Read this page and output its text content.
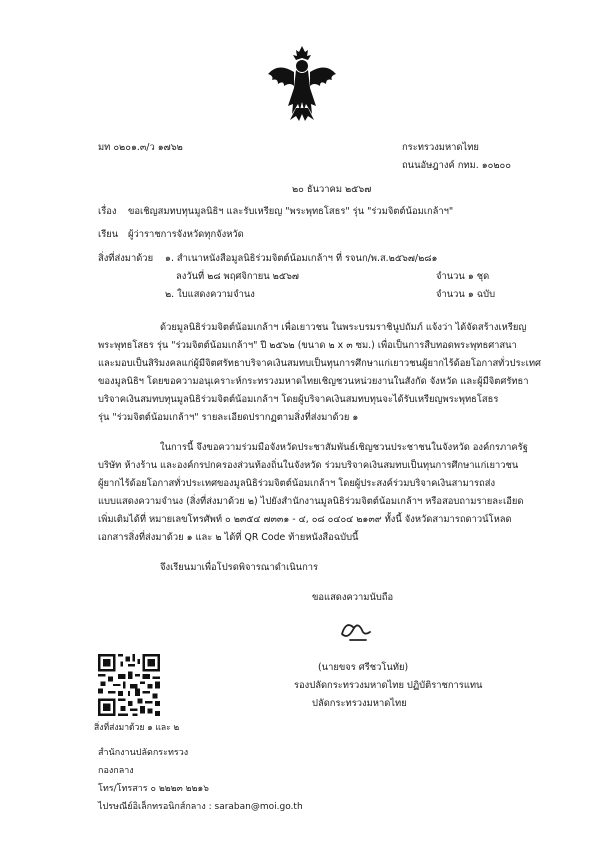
มท ๐๒๐๑.๓/ว ๑๗๖๒	กระทรวงมหาดไทย
ถนนอัษฎางค์ กทม. ๑๐๒๐๐
๒๐ ธันวาคม ๒๕๖๗
เรื่อง ขอเชิญสมทบทุนมูลนิธิฯ และรับเหรียญ "พระพุทธโสธร" รุ่น "ร่วมจิตต์น้อมเกล้าฯ"
เรียน ผู้ว่าราชการจังหวัดทุกจังหวัด
สิ่งที่ส่งมาด้วย ๑. สำเนาหนังสือมูลนิธิร่วมจิตต์น้อมเกล้าฯ ที่ รจนก/พ.ส.๒๕๖๗/๒๘๑
ลงวันที่ ๒๘ พฤศจิกายน ๒๕๖๗	จำนวน ๑ ชุด
๒. ใบแสดงความจำนง	จำนวน ๑ ฉบับ
ด้วยมูลนิธิร่วมจิตต์น้อมเกล้าฯ เพื่อเยาวชน ในพระบรมราชินูปถัมภ์ แจ้งว่า ได้จัดสร้างเหรียญ
พระพุทธโสธร รุ่น "ร่วมจิตต์น้อมเกล้าฯ" ปี ๒๕๖๒ (ขนาด ๒ x ๓ ซม.) เพื่อเป็นการสืบทอดพระพุทธศาสนา
และมอบเป็นสิริมงคลแก่ผู้มีจิตศรัทธาบริจาคเงินสมทบเป็นทุนการศึกษาแก่เยาวชนผู้ยากไร้ด้อยโอกาสทั่วประเทศ
ของมูลนิธิฯ โดยขอความอนุเคราะห์กระทรวงมหาดไทยเชิญชวนหน่วยงานในสังกัด จังหวัด และผู้มีจิตศรัทธา
บริจาคเงินสมทบทุนมูลนิธิร่วมจิตต์น้อมเกล้าฯ โดยผู้บริจาคเงินสมทบทุนจะได้รับเหรียญพระพุทธโสธร
รุ่น "ร่วมจิตต์น้อมเกล้าฯ" รายละเอียดปรากฏตามสิ่งที่ส่งมาด้วย ๑
ในการนี้ จึงขอความร่วมมือจังหวัดประชาสัมพันธ์เชิญชวนประชาชนในจังหวัด องค์กรภาครัฐ
บริษัท ห้างร้าน และองค์กรปกครองส่วนท้องถิ่นในจังหวัด ร่วมบริจาคเงินสมทบเป็นทุนการศึกษาแก่เยาวชน
ผู้ยากไร้ด้อยโอกาสทั่วประเทศของมูลนิธิร่วมจิตต์น้อมเกล้าฯ โดยผู้ประสงค์ร่วมบริจาคเงินสามารถส่ง
แบบแสดงความจำนง (สิ่งที่ส่งมาด้วย ๒) ไปยังสำนักงานมูลนิธิร่วมจิตต์น้อมเกล้าฯ หรือสอบถามรายละเอียด
เพิ่มเติมได้ที่ หมายเลขโทรศัพท์ ๐ ๒๓๕๔ ๗๓๓๑ - ๔, ๐๘ ๐๔๐๔ ๒๑๓๙ ทั้งนี้ จังหวัดสามารถดาวน์โหลด
เอกสารสิ่งที่ส่งมาด้วย ๑ และ ๒ ได้ที่ QR Code ท้ายหนังสือฉบับนี้
จึงเรียนมาเพื่อโปรดพิจารณาดำเนินการ
ขอแสดงความนับถือ
(นายขจร ศรีชวโนทัย)
รองปลัดกระทรวงมหาดไทย ปฏิบัติราชการแทน
ปลัดกระทรวงมหาดไทย
สิ่งที่ส่งมาด้วย ๑ และ ๒
สำนักงานปลัดกระทรวง
กองกลาง
โทร/โทรสาร ๐ ๒๒๒๓ ๒๒๑๖
ไปรษณีย์อิเล็กทรอนิกส์กลาง : saraban@moi.go.th
